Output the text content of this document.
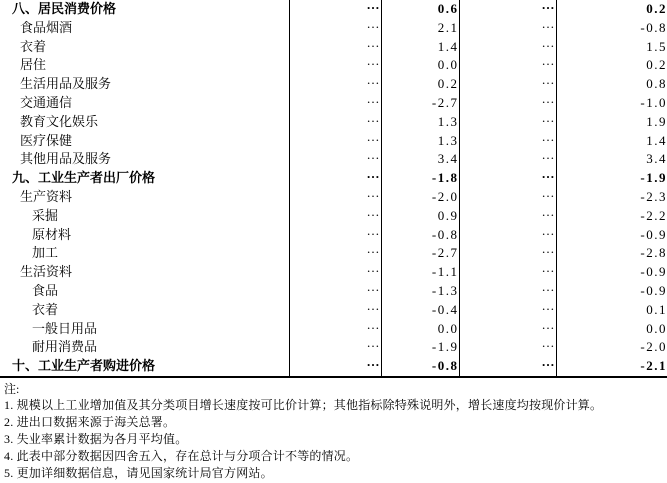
八、居民消费价格	…	0.6	…	0.2
食品烟酒	…	2.1	…	-0.8
衣着	…	1.4	…	1.5
居住	…	0.0	…	0.2
生活用品及服务	…	0.2	…	0.8
交通通信	…	-2.7	…	-1.0
教育文化娱乐	…	1.3	…	1.9
医疗保健	…	1.3	…	1.4
其他用品及服务	…	3.4	…	3.4
九、工业生产者出厂价格	…	-1.8	…	-1.9
生产资料	…	-2.0	…	-2.3
采掘	…	0.9	…	-2.2
原材料	…	-0.8	…	-0.9
加工	…	-2.7	…	-2.8
生活资料	…	-1.1	…	-0.9
食品	…	-1.3	…	-0.9
衣着	…	-0.4	…	0.1
一般日用品	…	0.0	…	0.0
耐用消费品	…	-1.9	…	-2.0
十、工业生产者购进价格	…	-0.8	…	-2.1
注:
1. 规模以上工业增加值及其分类项目增长速度按可比价计算；其他指标除特殊说明外，增长速度均按现价计算。
2. 进出口数据来源于海关总署。
3. 失业率累计数据为各月平均值。
4. 此表中部分数据因四舍五入，存在总计与分项合计不等的情况。
5. 更加详细数据信息，请见国家统计局官方网站。
